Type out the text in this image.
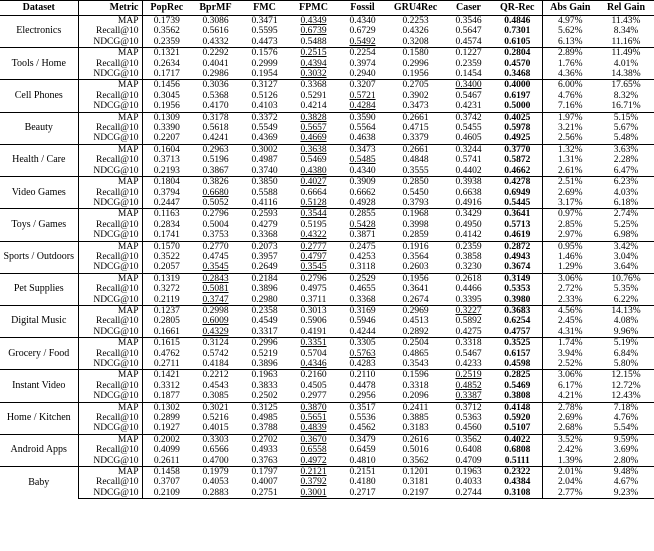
Dataset	Metric	PopRec	BprMF	FMC	FPMC	Fossil	GRU4Rec	Caser	QR-Rec	Abs Gain	Rel Gain
Electronics	MAP	0.1739	0.3086	0.3471	0.4349	0.4340	0.2253	0.3546	0.4846	4.97%	11.43%
	Recall@10	0.3562	0.5616	0.5595	0.6739	0.6729	0.4326	0.5647	0.7301	5.62%	8.34%
	NDCG@10	0.2359	0.4332	0.4473	0.5488	0.5492	0.3208	0.4574	0.6105	6.13%	11.16%
Tools / Home	MAP	0.1321	0.2292	0.1576	0.2515	0.2254	0.1580	0.1227	0.2804	2.89%	11.49%
	Recall@10	0.2634	0.4041	0.2999	0.4394	0.3974	0.2996	0.2359	0.4570	1.76%	4.01%
	NDCG@10	0.1717	0.2986	0.1954	0.3032	0.2940	0.1956	0.1454	0.3468	4.36%	14.38%
Cell Phones	MAP	0.1456	0.3036	0.3127	0.3368	0.3207	0.2705	0.3400	0.4000	6.00%	17.65%
	Recall@10	0.3045	0.5368	0.5126	0.5291	0.5721	0.3902	0.5467	0.6197	4.76%	8.32%
	NDCG@10	0.1956	0.4170	0.4103	0.4214	0.4284	0.3473	0.4231	0.5000	7.16%	16.71%
Beauty	MAP	0.1309	0.3178	0.3372	0.3828	0.3590	0.2661	0.3742	0.4025	1.97%	5.15%
	Recall@10	0.3390	0.5618	0.5549	0.5657	0.5564	0.4715	0.5455	0.5978	3.21%	5.67%
	NDCG@10	0.2207	0.4241	0.4369	0.4669	0.4638	0.3379	0.4605	0.4925	2.56%	5.48%
Health / Care	MAP	0.1604	0.2963	0.3002	0.3638	0.3473	0.2661	0.3244	0.3770	1.32%	3.63%
	Recall@10	0.3713	0.5196	0.4987	0.5469	0.5485	0.4848	0.5741	0.5872	1.31%	2.28%
	NDCG@10	0.2193	0.3867	0.3740	0.4380	0.4340	0.3555	0.4402	0.4662	2.61%	6.47%
Video Games	MAP	0.1804	0.3826	0.3850	0.4027	0.3909	0.2850	0.3938	0.4278	2.51%	6.23%
	Recall@10	0.3794	0.6680	0.5588	0.6664	0.6662	0.5450	0.6638	0.6949	2.69%	4.03%
	NDCG@10	0.2447	0.5052	0.4116	0.5128	0.4928	0.3793	0.4916	0.5445	3.17%	6.18%
Toys / Games	MAP	0.1163	0.2796	0.2593	0.3544	0.2855	0.1968	0.3429	0.3641	0.97%	2.74%
	Recall@10	0.2834	0.5004	0.4279	0.5195	0.5428	0.3998	0.4950	0.5713	2.85%	5.25%
	NDCG@10	0.1741	0.3753	0.3368	0.4322	0.3871	0.2859	0.4142	0.4619	2.97%	6.98%
Sports / Outdoors	MAP	0.1570	0.2770	0.2073	0.2777	0.2475	0.1916	0.2359	0.2872	0.95%	3.42%
	Recall@10	0.3522	0.4745	0.3957	0.4797	0.4253	0.3564	0.3858	0.4943	1.46%	3.04%
	NDCG@10	0.2057	0.3545	0.2649	0.3545	0.3118	0.2603	0.3230	0.3674	1.29%	3.64%
Pet Supplies	MAP	0.1319	0.2843	0.2184	0.2796	0.2529	0.1956	0.2618	0.3149	3.06%	10.76%
	Recall@10	0.3272	0.5081	0.3896	0.4975	0.4655	0.3641	0.4466	0.5353	2.72%	5.35%
	NDCG@10	0.2119	0.3747	0.2980	0.3711	0.3368	0.2674	0.3395	0.3980	2.33%	6.22%
Digital Music	MAP	0.1237	0.2998	0.2358	0.3013	0.3169	0.2969	0.3227	0.3683	4.56%	14.13%
	Recall@10	0.2805	0.6009	0.4549	0.5906	0.5946	0.4513	0.5892	0.6254	2.45%	4.08%
	NDCG@10	0.1661	0.4329	0.3317	0.4191	0.4244	0.2892	0.4275	0.4757	4.31%	9.96%
Grocery / Food	MAP	0.1615	0.3124	0.2996	0.3351	0.3305	0.2504	0.3318	0.3525	1.74%	5.19%
	Recall@10	0.4762	0.5742	0.5219	0.5704	0.5763	0.4865	0.5467	0.6157	3.94%	6.84%
	NDCG@10	0.2711	0.4184	0.3896	0.4346	0.4283	0.3543	0.4233	0.4598	2.52%	5.80%
Instant Video	MAP	0.1421	0.2212	0.1963	0.2160	0.2110	0.1596	0.2519	0.2825	3.06%	12.15%
	Recall@10	0.3312	0.4543	0.3833	0.4505	0.4478	0.3318	0.4852	0.5469	6.17%	12.72%
	NDCG@10	0.1877	0.3085	0.2502	0.2977	0.2956	0.2096	0.3387	0.3808	4.21%	12.43%
Home / Kitchen	MAP	0.1302	0.3021	0.3125	0.3870	0.3517	0.2411	0.3712	0.4148	2.78%	7.18%
	Recall@10	0.2899	0.5216	0.4985	0.5651	0.5536	0.3885	0.5363	0.5920	2.69%	4.76%
	NDCG@10	0.1927	0.4015	0.3788	0.4839	0.4562	0.3183	0.4560	0.5107	2.68%	5.54%
Android Apps	MAP	0.2002	0.3303	0.2702	0.3670	0.3479	0.2616	0.3562	0.4022	3.52%	9.59%
	Recall@10	0.4099	0.6566	0.4933	0.6558	0.6459	0.5016	0.6408	0.6808	2.42%	3.69%
	NDCG@10	0.2611	0.4700	0.3763	0.4972	0.4810	0.3562	0.4709	0.5111	1.39%	2.80%
Baby	MAP	0.1458	0.1979	0.1797	0.2121	0.2151	0.1201	0.1963	0.2322	2.01%	9.48%
	Recall@10	0.3707	0.4053	0.4007	0.3792	0.4180	0.3181	0.4033	0.4384	2.04%	4.67%
	NDCG@10	0.2109	0.2883	0.2751	0.3001	0.2717	0.2197	0.2744	0.3108	2.77%	9.23%
